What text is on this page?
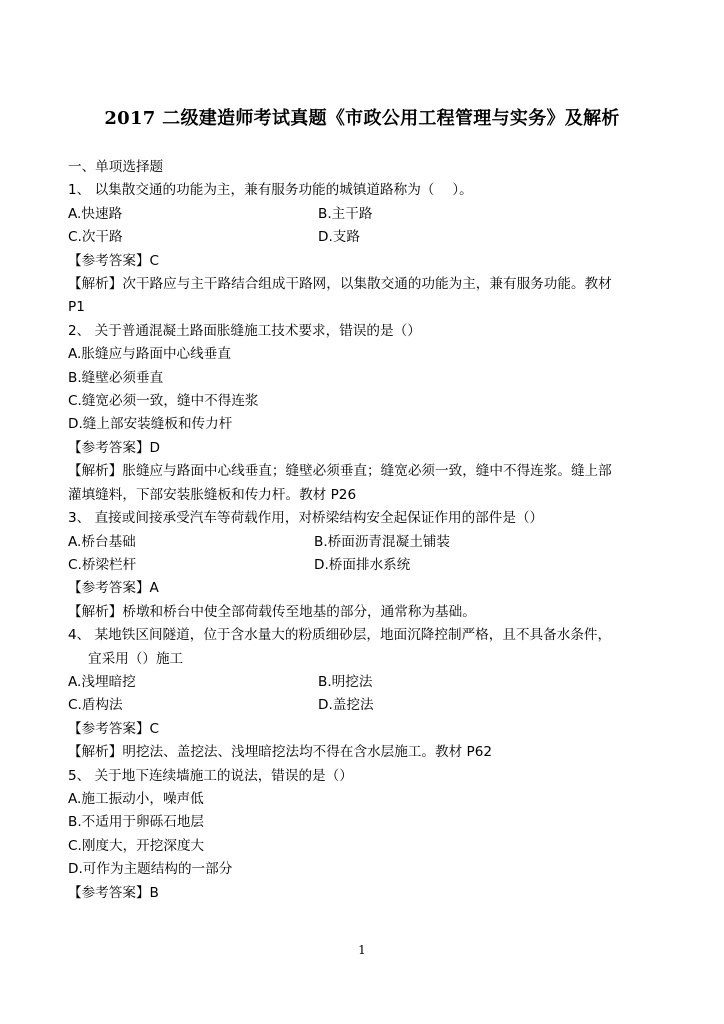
2017 二级建造师考试真题《市政公用工程管理与实务》及解析
一、单项选择题
1、 以集散交通的功能为主，兼有服务功能的城镇道路称为（　 ）。
A.快速路	B.主干路
C.次干路	D.支路
【参考答案】C
【解析】次干路应与主干路结合组成干路网，以集散交通的功能为主，兼有服务功能。教材
P1
2、 关于普通混凝土路面胀缝施工技术要求，错误的是（）
A.胀缝应与路面中心线垂直
B.缝壁必须垂直
C.缝宽必须一致，缝中不得连浆
D.缝上部安装缝板和传力杆
【参考答案】D
【解析】胀缝应与路面中心线垂直；缝壁必须垂直；缝宽必须一致，缝中不得连浆。缝上部
灌填缝料，下部安装胀缝板和传力杆。教材 P26
3、 直接或间接承受汽车等荷载作用，对桥梁结构安全起保证作用的部件是（）
A.桥台基础	B.桥面沥青混凝土铺装
C.桥梁栏杆	D.桥面排水系统
【参考答案】A
【解析】桥墩和桥台中使全部荷载传至地基的部分，通常称为基础。
4、 某地铁区间隧道，位于含水量大的粉质细砂层，地面沉降控制严格，且不具备水条件，
宜采用（）施工
A.浅埋暗挖	B.明挖法
C.盾构法	D.盖挖法
【参考答案】C
【解析】明挖法、盖挖法、浅埋暗挖法均不得在含水层施工。教材 P62
5、 关于地下连续墙施工的说法，错误的是（）
A.施工振动小，噪声低
B.不适用于卵砾石地层
C.刚度大，开挖深度大
D.可作为主题结构的一部分
【参考答案】B
1
